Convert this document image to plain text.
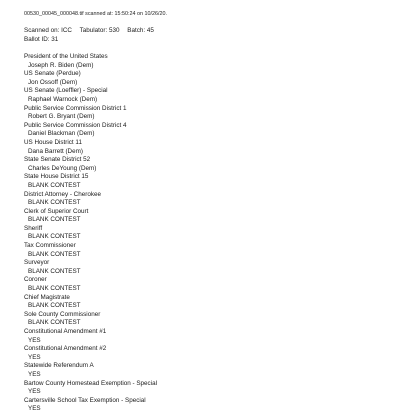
00530_00045_000048.tif scanned at: 15:50:24 on 10/26/20.
Scanned on: ICC Tabulator: 530 Batch: 45
Ballot ID: 31
President of the United States
Joseph R. Biden (Dem)
US Senate (Perdue)
Jon Ossoff (Dem)
US Senate (Loeffler) - Special
Raphael Warnock (Dem)
Public Service Commission District 1
Robert G. Bryant (Dem)
Public Service Commission District 4
Daniel Blackman (Dem)
US House District 11
Dana Barrett (Dem)
State Senate District 52
Charles DeYoung (Dem)
State House District 15
BLANK CONTEST
District Attorney - Cherokee
BLANK CONTEST
Clerk of Superior Court
BLANK CONTEST
Sheriff
BLANK CONTEST
Tax Commissioner
BLANK CONTEST
Surveyor
BLANK CONTEST
Coroner
BLANK CONTEST
Chief Magistrate
BLANK CONTEST
Sole County Commissioner
BLANK CONTEST
Constitutional Amendment #1
YES
Constitutional Amendment #2
YES
Statewide Referendum A
YES
Bartow County Homestead Exemption - Special
YES
Cartersville School Tax Exemption - Special
YES
